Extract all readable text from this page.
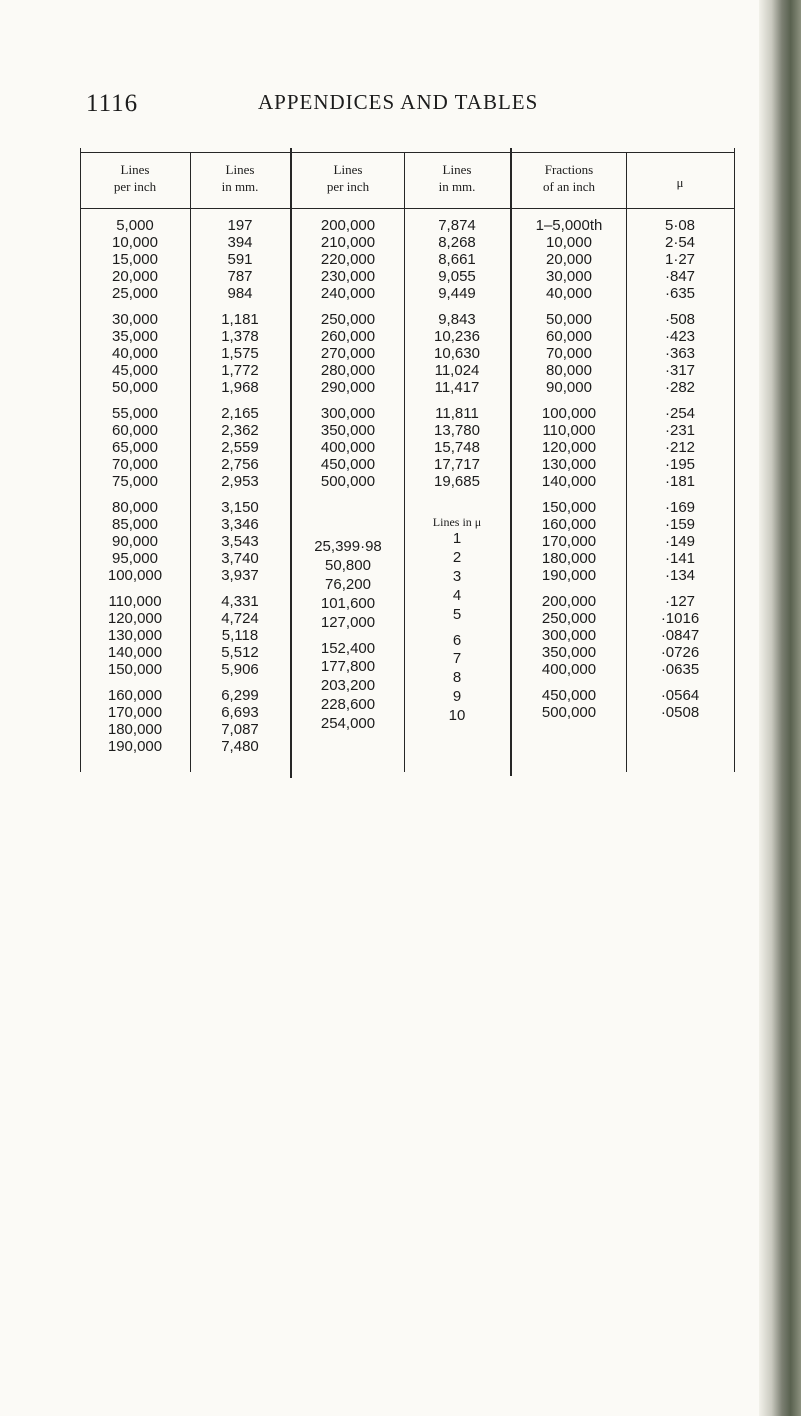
1116	APPENDICES AND TABLES
Lines
per inch
Lines
in mm.
Lines
per inch
Lines
in mm.
Fractions
of an inch	μ
5,000
10,000
15,000
20,000
25,000
30,000
35,000
40,000
45,000
50,000
55,000
60,000
65,000
70,000
75,000
80,000
85,000
90,000
95,000
100,000
110,000
120,000
130,000
140,000
150,000
160,000
170,000
180,000
190,000
197
394
591
787
984
1,181
1,378
1,575
1,772
1,968
2,165
2,362
2,559
2,756
2,953
3,150
3,346
3,543
3,740
3,937
4,331
4,724
5,118
5,512
5,906
6,299
6,693
7,087
7,480
1–5,000th
10,000
20,000
30,000
40,000
50,000
60,000
70,000
80,000
90,000
100,000
110,000
120,000
130,000
140,000
150,000
160,000
170,000
180,000
190,000
200,000
250,000
300,000
350,000
400,000
450,000
500,000
5·08
2·54
1·27
·847
·635
·508
·423
·363
·317
·282
·254
·231
·212
·195
·181
·169
·159
·149
·141
·134
·127
·1016
·0847
·0726
·0635
·0564
·0508
200,000
210,000
220,000
230,000
240,000
250,000
260,000
270,000
280,000
290,000
300,000
350,000
400,000
450,000
500,000
7,874
8,268
8,661
9,055
9,449
9,843
10,236
10,630
11,024
11,417
11,811
13,780
15,748
17,717
19,685
Lines in μ
25,399·98
50,800
76,200
101,600
127,000
152,400
177,800
203,200
228,600
254,000
1
2
3
4
5
6
7
8
9
10
